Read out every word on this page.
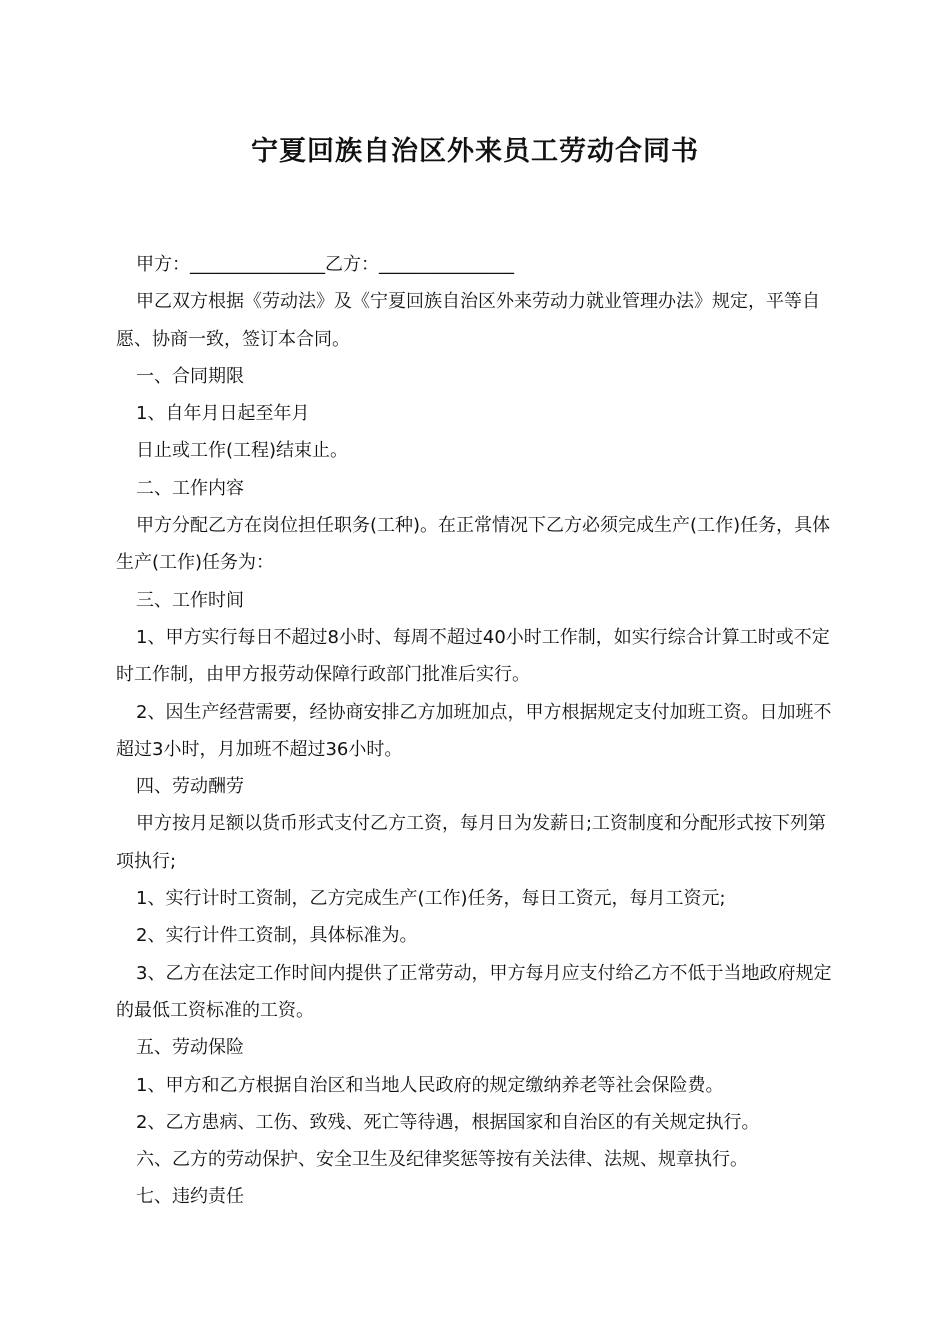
宁夏回族自治区外来员工劳动合同书

甲方：_______________乙方：_______________

甲乙双方根据《劳动法》及《宁夏回族自治区外来劳动力就业管理办法》规定，平等自愿、协商一致，签订本合同。

一、合同期限

1、自年月日起至年月

日止或工作(工程)结束止。

二、工作内容

甲方分配乙方在岗位担任职务(工种)。在正常情况下乙方必须完成生产(工作)任务，具体生产(工作)任务为：

三、工作时间

1、甲方实行每日不超过8小时、每周不超过40小时工作制，如实行综合计算工时或不定时工作制，由甲方报劳动保障行政部门批准后实行。

2、因生产经营需要，经协商安排乙方加班加点，甲方根据规定支付加班工资。日加班不超过3小时，月加班不超过36小时。

四、劳动酬劳

甲方按月足额以货币形式支付乙方工资，每月日为发薪日;工资制度和分配形式按下列第项执行;

1、实行计时工资制，乙方完成生产(工作)任务，每日工资元，每月工资元;

2、实行计件工资制，具体标准为。

3、乙方在法定工作时间内提供了正常劳动，甲方每月应支付给乙方不低于当地政府规定的最低工资标准的工资。

五、劳动保险

1、甲方和乙方根据自治区和当地人民政府的规定缴纳养老等社会保险费。

2、乙方患病、工伤、致残、死亡等待遇，根据国家和自治区的有关规定执行。

六、乙方的劳动保护、安全卫生及纪律奖惩等按有关法律、法规、规章执行。

七、违约责任
